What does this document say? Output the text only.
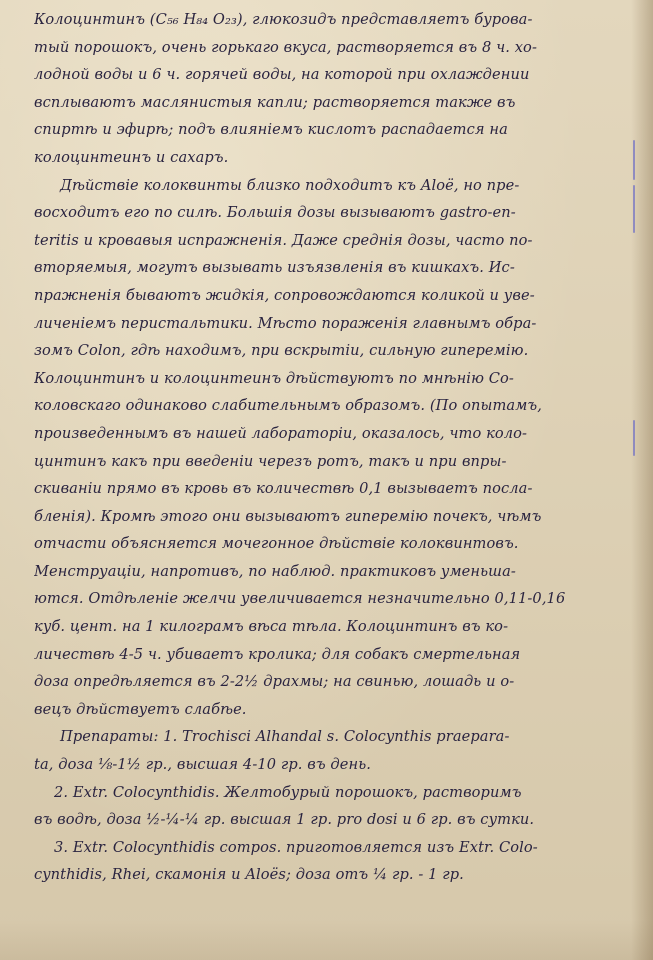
Колоцинтинъ (C₅₆ H₈₄ O₂₃), глюкозидъ представляетъ бурова-
тый порошокъ, очень горькаго вкуса, растворяется въ 8 ч. хо-
лодной воды и 6 ч. горячей воды, на которой при охлаждении
всплываютъ маслянистыя капли; растворяется также въ
спиртѣ и эфирѣ; подъ влиянiемъ кислотъ распадается на
колоцинтеинъ и сахаръ.
Дѣйствiе колоквинты близко подходитъ къ Aloë, но пре-
восходитъ его по силѣ. Большiя дозы вызываютъ gastro-en-
teritis и кровавыя испражненiя. Даже среднiя дозы, часто по-
вторяемыя, могутъ вызывать изъязвленiя въ кишкахъ. Ис-
пражненiя бываютъ жидкiя, сопровождаются коликой и уве-
личенiемъ перистальтики. Мѣсто пораженiя главнымъ обра-
зомъ Colon, гдѣ находимъ, при вскрытiи, сильную гиперемiю.
Колоцинтинъ и колоцинтеинъ дѣйствуютъ по мнѣнiю Со-
коловскаго одинаково слабительнымъ образомъ. (По опытамъ,
произведеннымъ въ нашей лабораторiи, оказалось, что коло-
цинтинъ какъ при введенiи черезъ ротъ, такъ и при впры-
скиванiи прямо въ кровь въ количествѣ 0,1 вызываетъ посла-
бленiя). Кромѣ этого они вызываютъ гиперемiю почекъ, чѣмъ
отчасти объясняется мочегонное дѣйствiе колоквинтовъ.
Менструацiи, напротивъ, по наблюд. практиковъ уменьша-
ются. Отдѣленiе желчи увеличивается незначительно 0,11-0,16
куб. цент. на 1 килограмъ вѣса тѣла. Колоцинтинъ въ ко-
личествѣ 4-5 ч. убиваетъ кролика; для собакъ смертельная
доза опредѣляется въ 2-2½ драхмы; на свинью, лошадь и о-
вецъ дѣйствуетъ слабѣе.
Препараты: 1. Trochisci Alhandal s. Colocynthis praepara-
ta, доза ⅛-1½ гр., высшая 4-10 гр. въ день.
2. Extr. Colocynthidis. Желтобурый порошокъ, растворимъ
въ водѣ, доза ½-¼-¼ гр. высшая 1 гр. pro dosi и 6 гр. въ сутки.
3. Extr. Colocynthidis compos. приготовляется изъ Extr. Colo-
cynthidis, Rhei, скамонiя и Aloës; доза отъ ¼ гр. - 1 гр.
